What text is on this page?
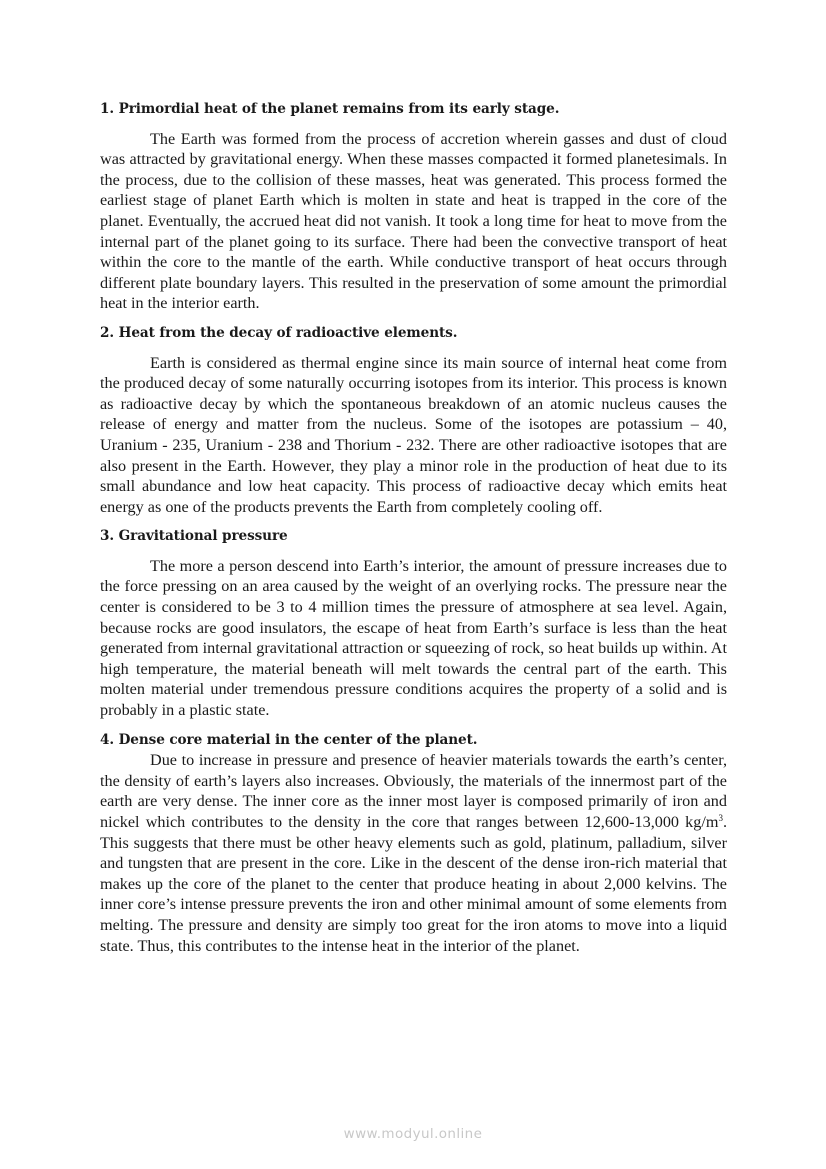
1. Primordial heat of the planet remains from its early stage.

The Earth was formed from the process of accretion wherein gasses and dust of cloud was attracted by gravitational energy. When these masses compacted it formed planetesimals. In the process, due to the collision of these masses, heat was generated. This process formed the earliest stage of planet Earth which is molten in state and heat is trapped in the core of the planet. Eventually, the accrued heat did not vanish. It took a long time for heat to move from the internal part of the planet going to its surface. There had been the convective transport of heat within the core to the mantle of the earth. While conductive transport of heat occurs through different plate boundary layers. This resulted in the preservation of some amount the primordial heat in the interior earth.

2. Heat from the decay of radioactive elements.

Earth is considered as thermal engine since its main source of internal heat come from the produced decay of some naturally occurring isotopes from its interior. This process is known as radioactive decay by which the spontaneous breakdown of an atomic nucleus causes the release of energy and matter from the nucleus. Some of the isotopes are potassium – 40, Uranium - 235, Uranium - 238 and Thorium - 232. There are other radioactive isotopes that are also present in the Earth. However, they play a minor role in the production of heat due to its small abundance and low heat capacity. This process of radioactive decay which emits heat energy as one of the products prevents the Earth from completely cooling off.

3. Gravitational pressure

The more a person descend into Earth’s interior, the amount of pressure increases due to the force pressing on an area caused by the weight of an overlying rocks. The pressure near the center is considered to be 3 to 4 million times the pressure of atmosphere at sea level. Again, because rocks are good insulators, the escape of heat from Earth’s surface is less than the heat generated from internal gravitational attraction or squeezing of rock, so heat builds up within. At high temperature, the material beneath will melt towards the central part of the earth. This molten material under tremendous pressure conditions acquires the property of a solid and is probably in a plastic state.

4. Dense core material in the center of the planet.

Due to increase in pressure and presence of heavier materials towards the earth’s center, the density of earth’s layers also increases. Obviously, the materials of the innermost part of the earth are very dense. The inner core as the inner most layer is composed primarily of iron and nickel which contributes to the density in the core that ranges between 12,600-13,000 $kg/m^3$. This suggests that there must be other heavy elements such as gold, platinum, palladium, silver and tungsten that are present in the core. Like in the descent of the dense iron-rich material that makes up the core of the planet to the center that produce heating in about 2,000 kelvins. The inner core’s intense pressure prevents the iron and other minimal amount of some elements from melting. The pressure and density are simply too great for the iron atoms to move into a liquid state. Thus, this contributes to the intense heat in the interior of the planet.

www.modyul.online
